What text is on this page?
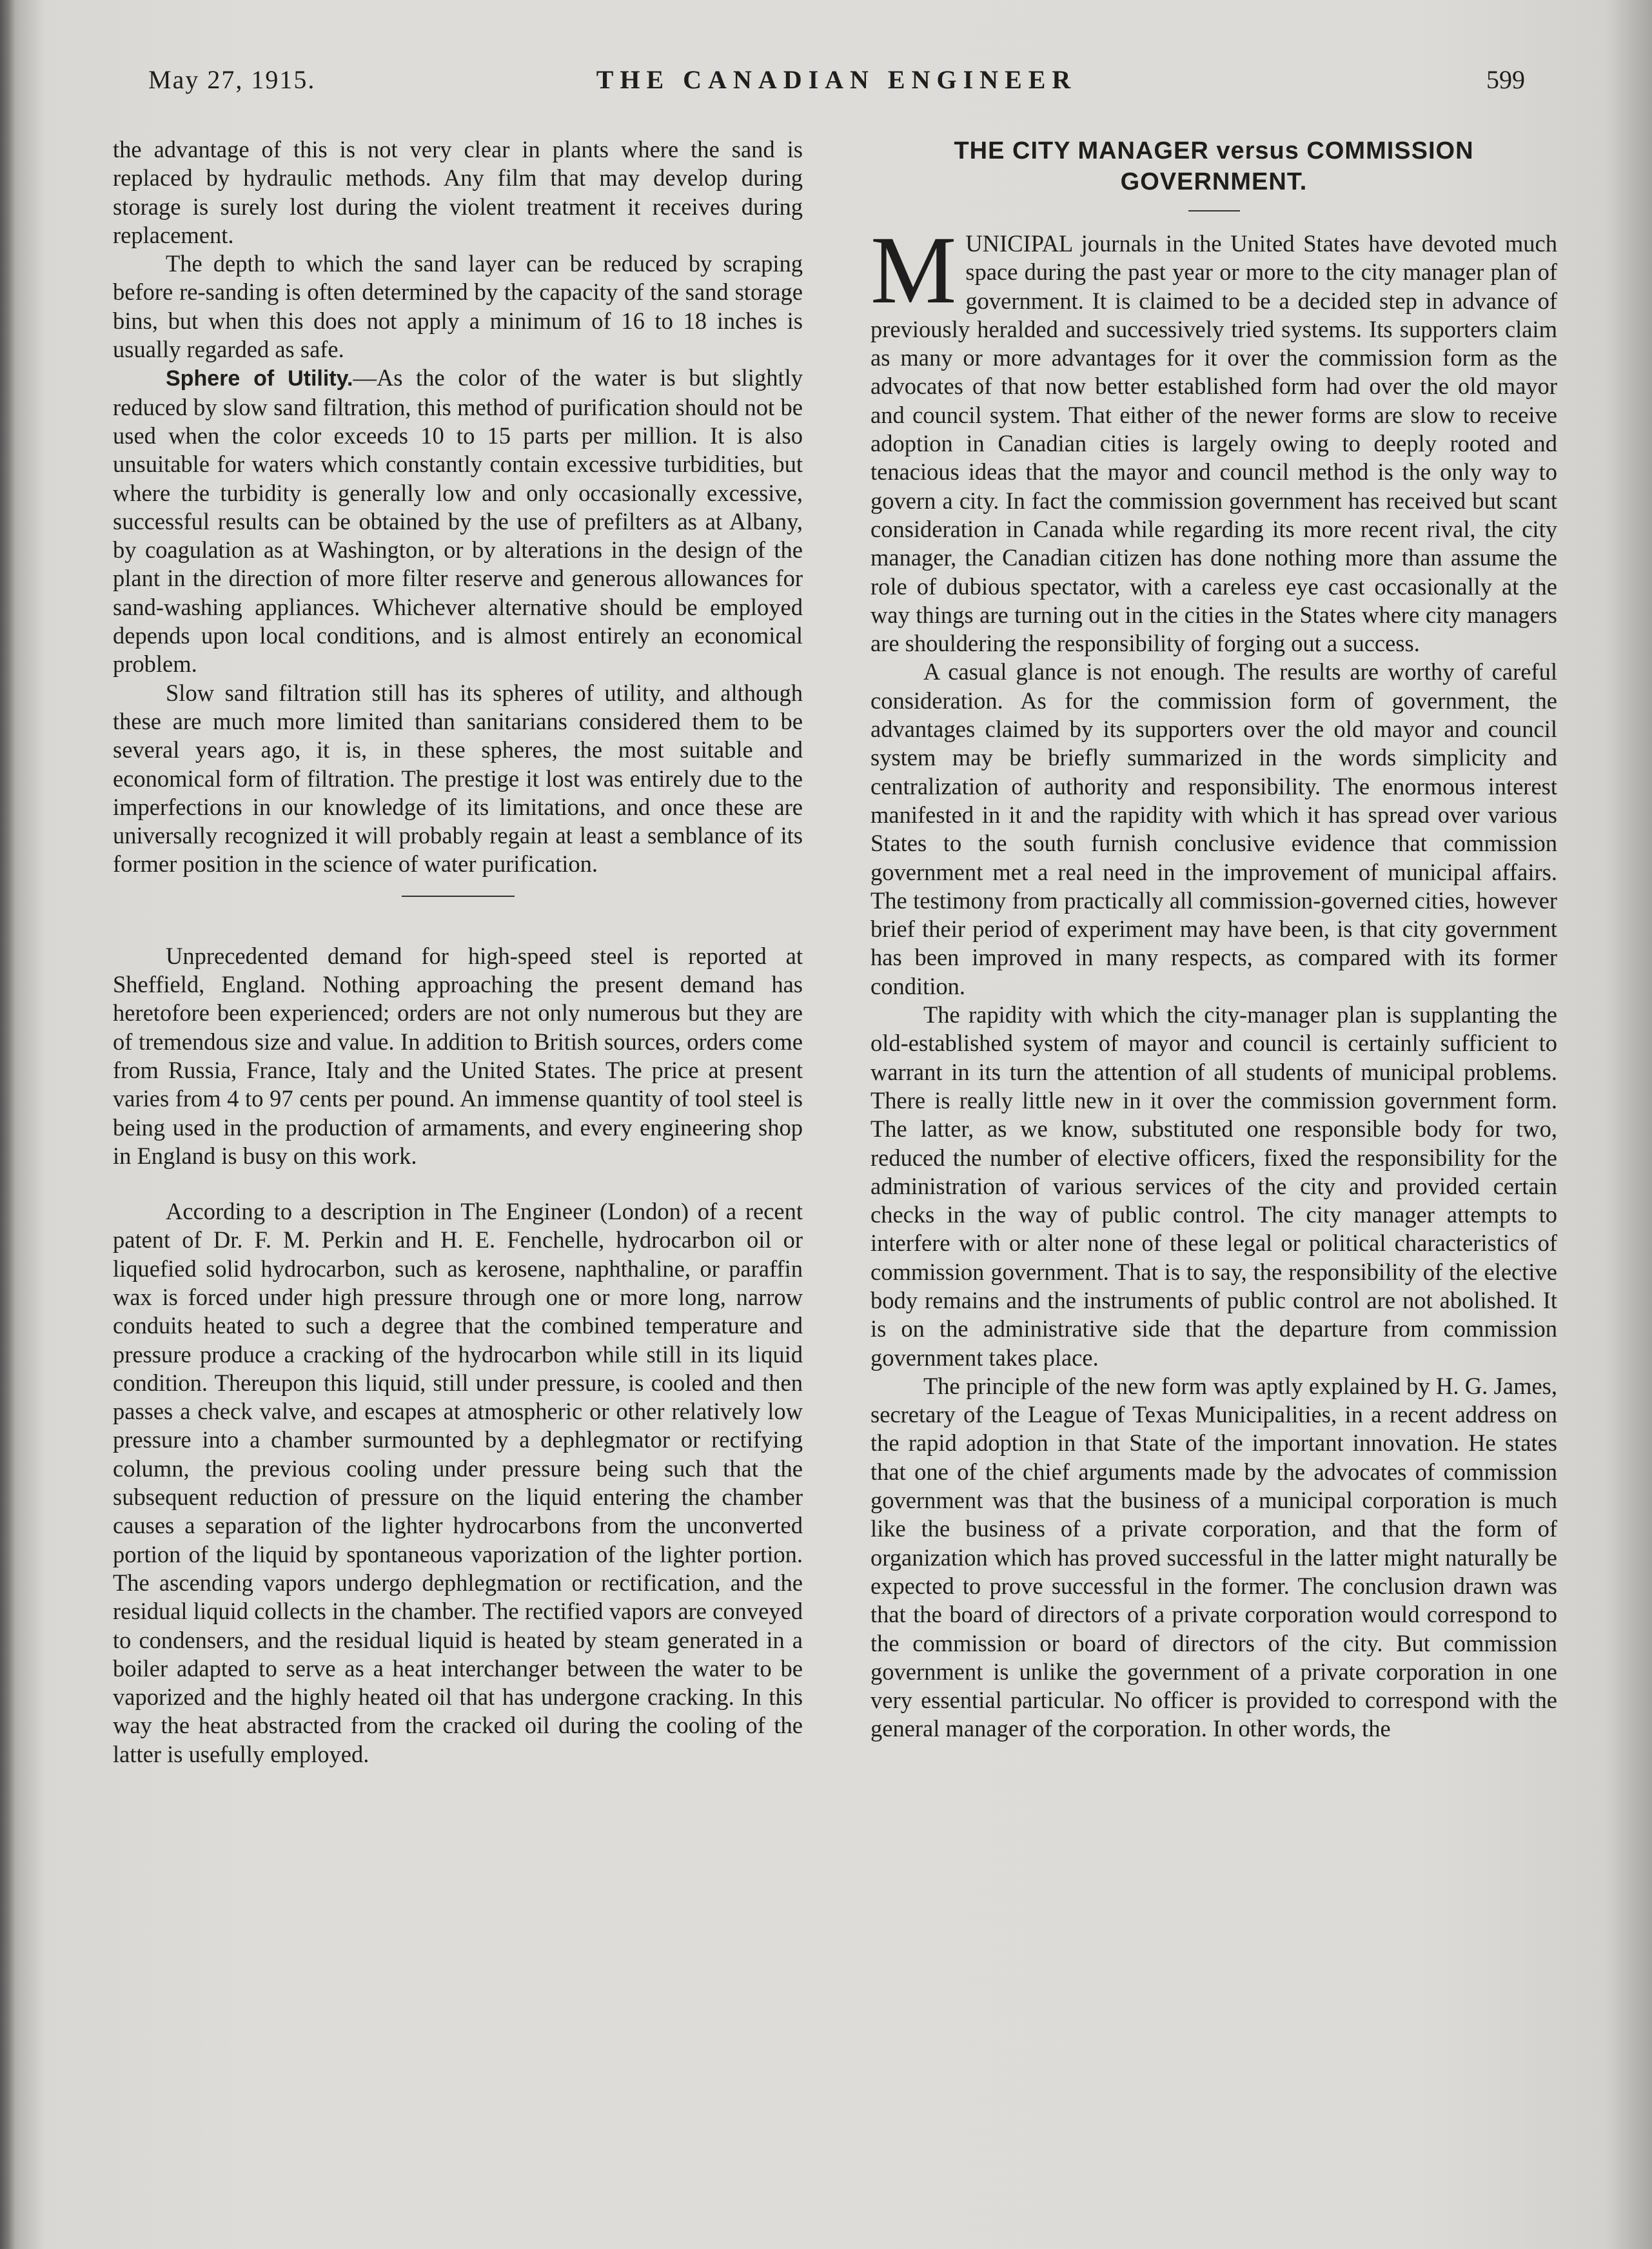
May 27, 1915.	THE CANADIAN ENGINEER	599

the advantage of this is not very clear in plants where the sand is replaced by hydraulic methods. Any film that may develop during storage is surely lost during the violent treatment it receives during replacement.

The depth to which the sand layer can be reduced by scraping before re-sanding is often determined by the capacity of the sand storage bins, but when this does not apply a minimum of 16 to 18 inches is usually regarded as safe.

Sphere of Utility.—As the color of the water is but slightly reduced by slow sand filtration, this method of purification should not be used when the color exceeds 10 to 15 parts per million. It is also unsuitable for waters which constantly contain excessive turbidities, but where the turbidity is generally low and only occasionally excessive, successful results can be obtained by the use of prefilters as at Albany, by coagulation as at Washington, or by alterations in the design of the plant in the direction of more filter reserve and generous allowances for sand-washing appliances. Whichever alternative should be employed depends upon local conditions, and is almost entirely an economical problem.

Slow sand filtration still has its spheres of utility, and although these are much more limited than sanitarians considered them to be several years ago, it is, in these spheres, the most suitable and economical form of filtration. The prestige it lost was entirely due to the imperfections in our knowledge of its limitations, and once these are universally recognized it will probably regain at least a semblance of its former position in the science of water purification.

Unprecedented demand for high-speed steel is reported at Sheffield, England. Nothing approaching the present demand has heretofore been experienced; orders are not only numerous but they are of tremendous size and value. In addition to British sources, orders come from Russia, France, Italy and the United States. The price at present varies from 4 to 97 cents per pound. An immense quantity of tool steel is being used in the production of armaments, and every engineering shop in England is busy on this work.

According to a description in The Engineer (London) of a recent patent of Dr. F. M. Perkin and H. E. Fenchelle, hydrocarbon oil or liquefied solid hydrocarbon, such as kerosene, naphthaline, or paraffin wax is forced under high pressure through one or more long, narrow conduits heated to such a degree that the combined temperature and pressure produce a cracking of the hydrocarbon while still in its liquid condition. Thereupon this liquid, still under pressure, is cooled and then passes a check valve, and escapes at atmospheric or other relatively low pressure into a chamber surmounted by a dephlegmator or rectifying column, the previous cooling under pressure being such that the subsequent reduction of pressure on the liquid entering the chamber causes a separation of the lighter hydrocarbons from the unconverted portion of the liquid by spontaneous vaporization of the lighter portion. The ascending vapors undergo dephlegmation or rectification, and the residual liquid collects in the chamber. The rectified vapors are conveyed to condensers, and the residual liquid is heated by steam generated in a boiler adapted to serve as a heat interchanger between the water to be vaporized and the highly heated oil that has undergone cracking. In this way the heat abstracted from the cracked oil during the cooling of the latter is usefully employed.

THE CITY MANAGER versus COMMISSION
GOVERNMENT.

MUNICIPAL journals in the United States have devoted much space during the past year or more to the city manager plan of government. It is claimed to be a decided step in advance of previously heralded and successively tried systems. Its supporters claim as many or more advantages for it over the commission form as the advocates of that now better established form had over the old mayor and council system. That either of the newer forms are slow to receive adoption in Canadian cities is largely owing to deeply rooted and tenacious ideas that the mayor and council method is the only way to govern a city. In fact the commission government has received but scant consideration in Canada while regarding its more recent rival, the city manager, the Canadian citizen has done nothing more than assume the role of dubious spectator, with a careless eye cast occasionally at the way things are turning out in the cities in the States where city managers are shouldering the responsibility of forging out a success.

A casual glance is not enough. The results are worthy of careful consideration. As for the commission form of government, the advantages claimed by its supporters over the old mayor and council system may be briefly summarized in the words simplicity and centralization of authority and responsibility. The enormous interest manifested in it and the rapidity with which it has spread over various States to the south furnish conclusive evidence that commission government met a real need in the improvement of municipal affairs. The testimony from practically all commission-governed cities, however brief their period of experiment may have been, is that city government has been improved in many respects, as compared with its former condition.

The rapidity with which the city-manager plan is supplanting the old-established system of mayor and council is certainly sufficient to warrant in its turn the attention of all students of municipal problems. There is really little new in it over the commission government form. The latter, as we know, substituted one responsible body for two, reduced the number of elective officers, fixed the responsibility for the administration of various services of the city and provided certain checks in the way of public control. The city manager attempts to interfere with or alter none of these legal or political characteristics of commission government. That is to say, the responsibility of the elective body remains and the instruments of public control are not abolished. It is on the administrative side that the departure from commission government takes place.

The principle of the new form was aptly explained by H. G. James, secretary of the League of Texas Municipalities, in a recent address on the rapid adoption in that State of the important innovation. He states that one of the chief arguments made by the advocates of commission government was that the business of a municipal corporation is much like the business of a private corporation, and that the form of organization which has proved successful in the latter might naturally be expected to prove successful in the former. The conclusion drawn was that the board of directors of a private corporation would correspond to the commission or board of directors of the city. But commission government is unlike the government of a private corporation in one very essential particular. No officer is provided to correspond with the general manager of the corporation. In other words, the
